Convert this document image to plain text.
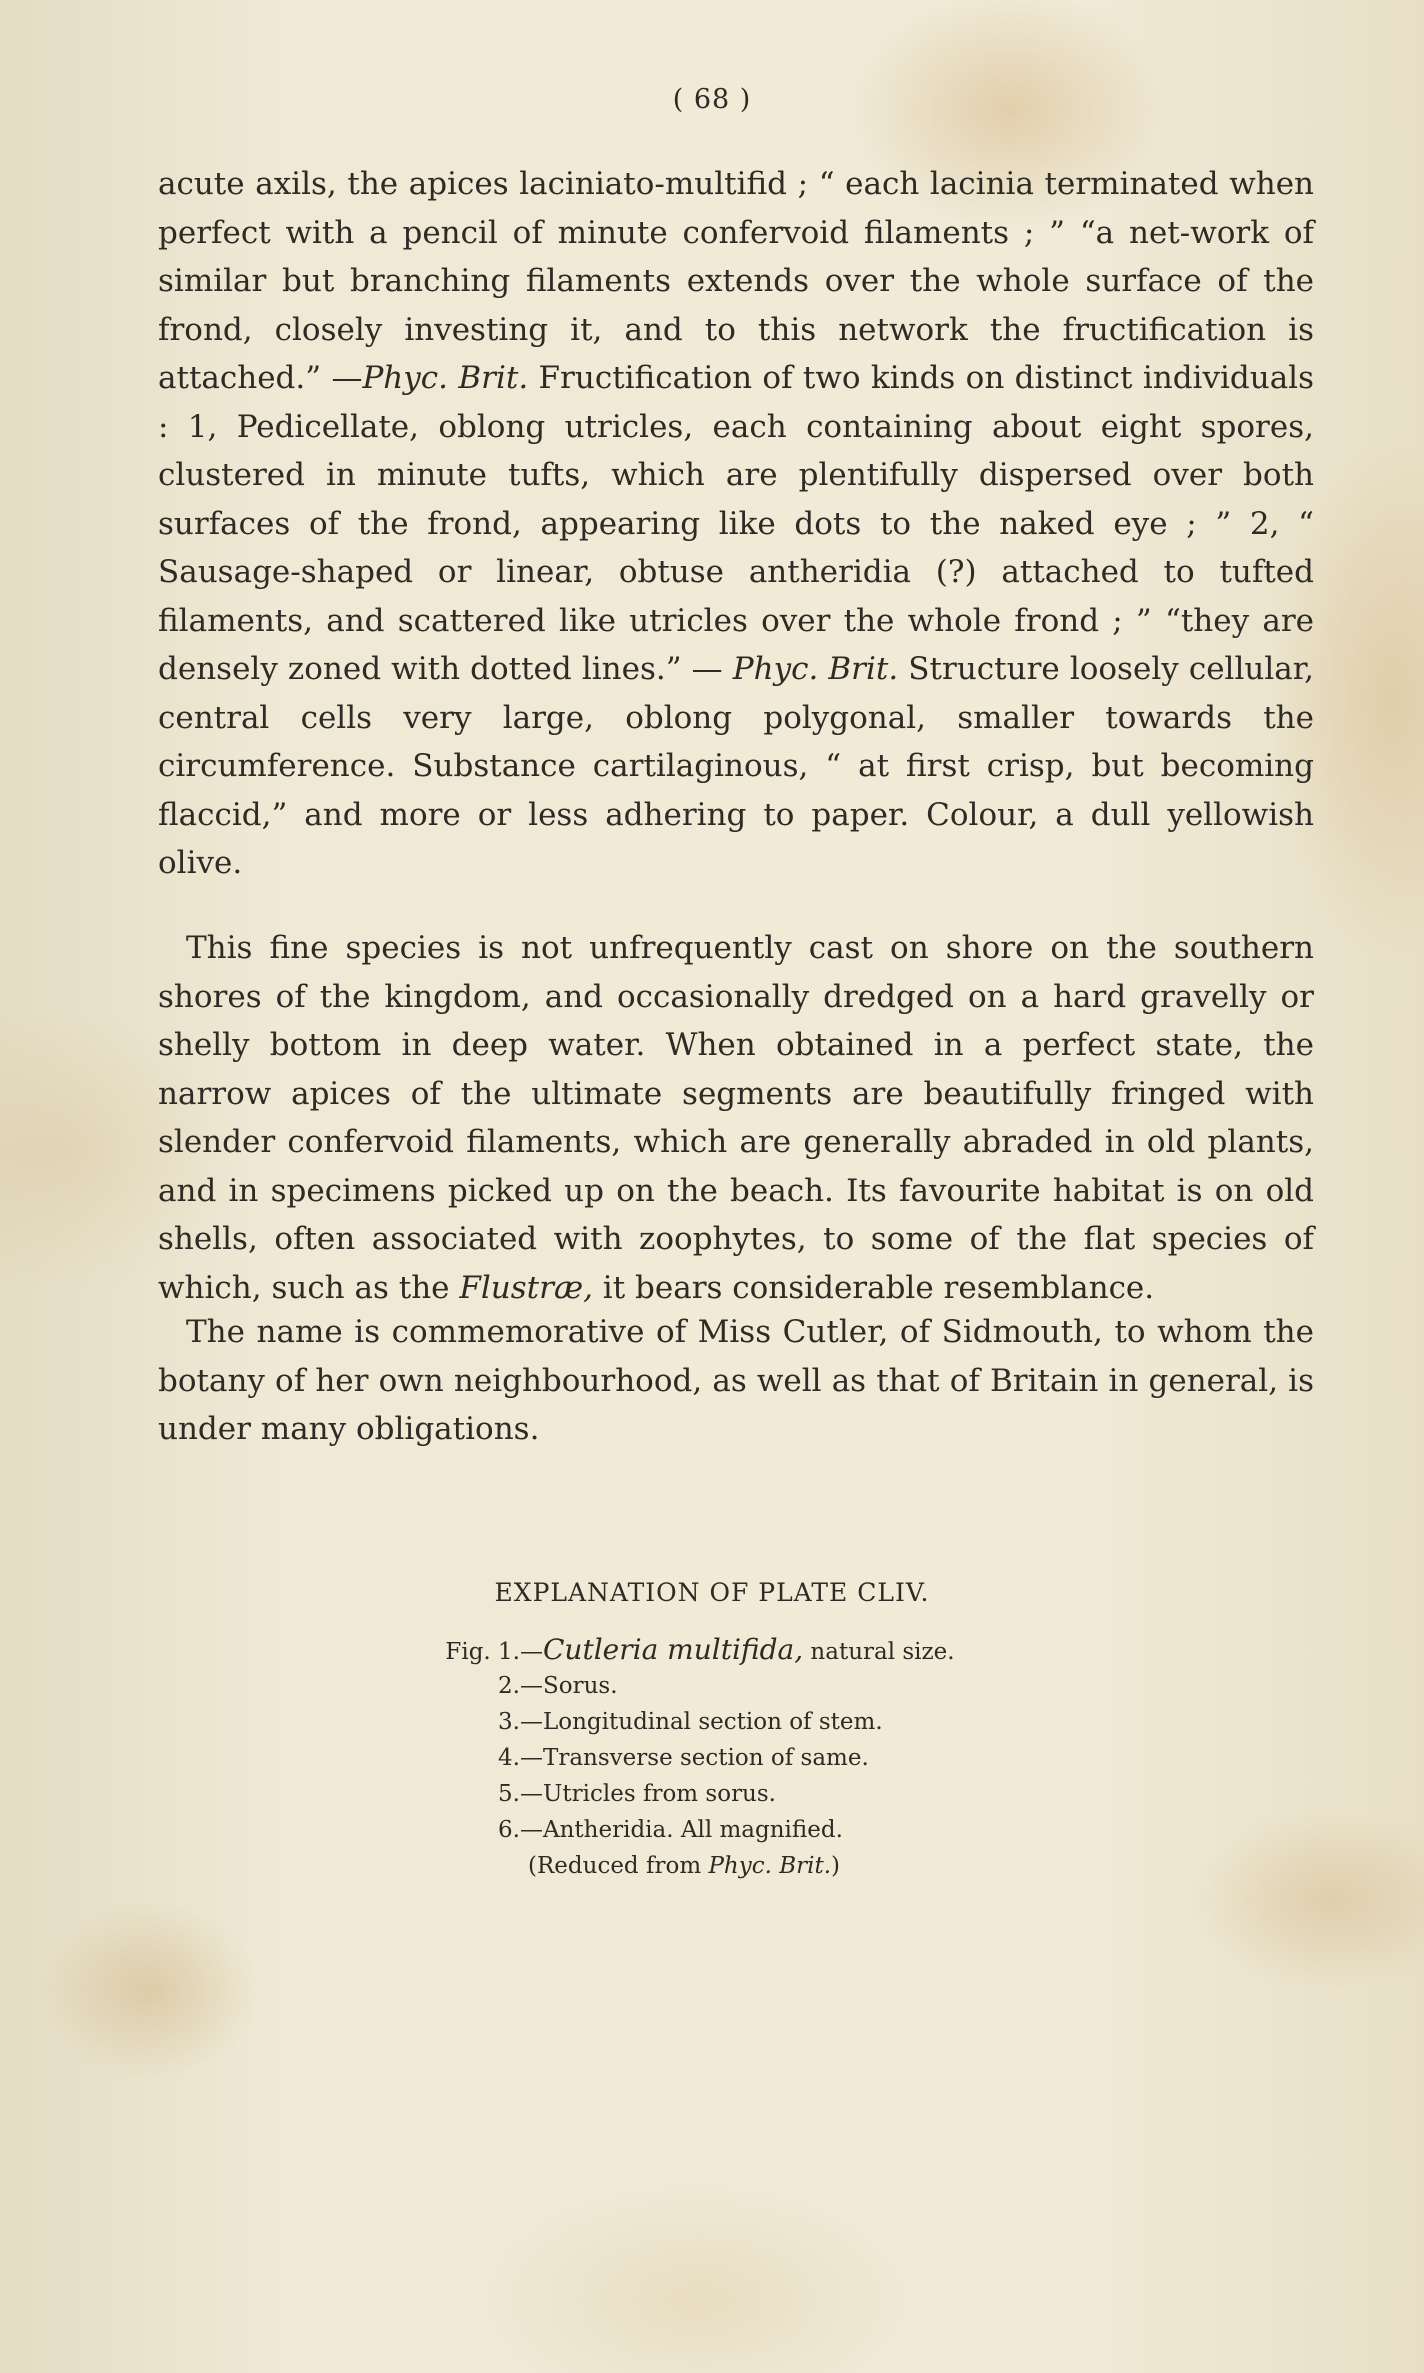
( 68 )

acute axils, the apices laciniato-multifid ; “ each lacinia terminated when perfect with a pencil of minute confervoid filaments ; ” “a net-work of similar but branching filaments extends over the whole surface of the frond, closely investing it, and to this network the fructification is attached.” —Phyc. Brit. Fructification of two kinds on distinct individuals : 1, Pedicellate, oblong utricles, each containing about eight spores, clustered in minute tufts, which are plentifully dispersed over both surfaces of the frond, appearing like dots to the naked eye ; ” 2, “ Sausage-shaped or linear, obtuse antheridia (?) attached to tufted filaments, and scattered like utricles over the whole frond ; ” “they are densely zoned with dotted lines.” — Phyc. Brit. Structure loosely cellular, central cells very large, oblong polygonal, smaller towards the circumference. Substance cartilaginous, “ at first crisp, but becoming flaccid,” and more or less adhering to paper. Colour, a dull yellowish olive.

This fine species is not unfrequently cast on shore on the southern shores of the kingdom, and occasionally dredged on a hard gravelly or shelly bottom in deep water. When obtained in a perfect state, the narrow apices of the ultimate segments are beautifully fringed with slender confervoid filaments, which are generally abraded in old plants, and in specimens picked up on the beach. Its favourite habitat is on old shells, often associated with zoophytes, to some of the flat species of which, such as the Flustræ, it bears considerable resemblance.

The name is commemorative of Miss Cutler, of Sidmouth, to whom the botany of her own neighbourhood, as well as that of Britain in general, is under many obligations.

EXPLANATION OF PLATE CLIV.
Fig. 1.—Cutleria multifida, natural size.
2.—Sorus.
3.—Longitudinal section of stem.
4.—Transverse section of same.
5.—Utricles from sorus.
6.—Antheridia. All magnified.
(Reduced from Phyc. Brit.)
